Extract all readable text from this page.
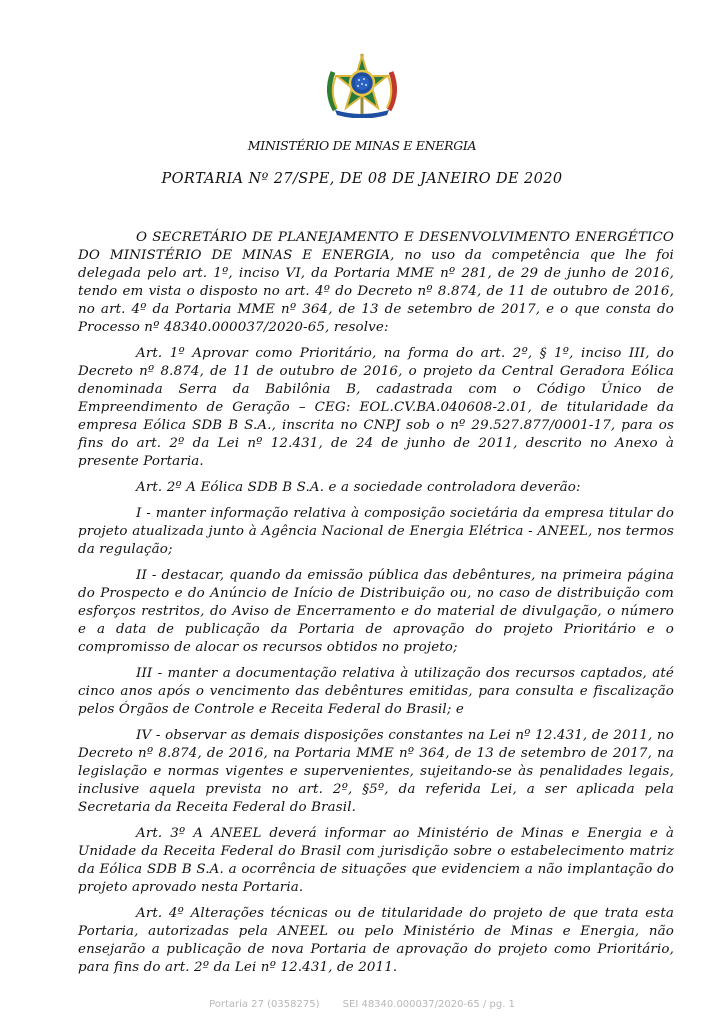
MINISTÉRIO DE MINAS E ENERGIA
PORTARIA Nº 27/SPE, DE 08 DE JANEIRO DE 2020

O SECRETÁRIO DE PLANEJAMENTO E DESENVOLVIMENTO ENERGÉTICO DO MINISTÉRIO DE MINAS E ENERGIA, no uso da competência que lhe foi delegada pelo art. 1º, inciso VI, da Portaria MME nº 281, de 29 de junho de 2016, tendo em vista o disposto no art. 4º do Decreto nº 8.874, de 11 de outubro de 2016, no art. 4º da Portaria MME nº 364, de 13 de setembro de 2017, e o que consta do Processo nº 48340.000037/2020-65, resolve:

Art. 1º Aprovar como Prioritário, na forma do art. 2º, § 1º, inciso III, do Decreto nº 8.874, de 11 de outubro de 2016, o projeto da Central Geradora Eólica denominada Serra da Babilônia B, cadastrada com o Código Único de Empreendimento de Geração – CEG: EOL.CV.BA.040608-2.01, de titularidade da empresa Eólica SDB B S.A., inscrita no CNPJ sob o nº 29.527.877/0001-17, para os fins do art. 2º da Lei nº 12.431, de 24 de junho de 2011, descrito no Anexo à presente Portaria.

Art. 2º A Eólica SDB B S.A. e a sociedade controladora deverão:

I - manter informação relativa à composição societária da empresa titular do projeto atualizada junto à Agência Nacional de Energia Elétrica - ANEEL, nos termos da regulação;

II - destacar, quando da emissão pública das debêntures, na primeira página do Prospecto e do Anúncio de Início de Distribuição ou, no caso de distribuição com esforços restritos, do Aviso de Encerramento e do material de divulgação, o número e a data de publicação da Portaria de aprovação do projeto Prioritário e o compromisso de alocar os recursos obtidos no projeto;

III - manter a documentação relativa à utilização dos recursos captados, até cinco anos após o vencimento das debêntures emitidas, para consulta e fiscalização pelos Órgãos de Controle e Receita Federal do Brasil; e

IV - observar as demais disposições constantes na Lei nº 12.431, de 2011, no Decreto nº 8.874, de 2016, na Portaria MME nº 364, de 13 de setembro de 2017, na legislação e normas vigentes e supervenientes, sujeitando-se às penalidades legais, inclusive aquela prevista no art. 2º, §5º, da referida Lei, a ser aplicada pela Secretaria da Receita Federal do Brasil.

Art. 3º A ANEEL deverá informar ao Ministério de Minas e Energia e à Unidade da Receita Federal do Brasil com jurisdição sobre o estabelecimento matriz da Eólica SDB B S.A. a ocorrência de situações que evidenciem a não implantação do projeto aprovado nesta Portaria.

Art. 4º Alterações técnicas ou de titularidade do projeto de que trata esta Portaria, autorizadas pela ANEEL ou pelo Ministério de Minas e Energia, não ensejarão a publicação de nova Portaria de aprovação do projeto como Prioritário, para fins do art. 2º da Lei nº 12.431, de 2011.

Portaria 27 (0358275) SEI 48340.000037/2020-65 / pg. 1
